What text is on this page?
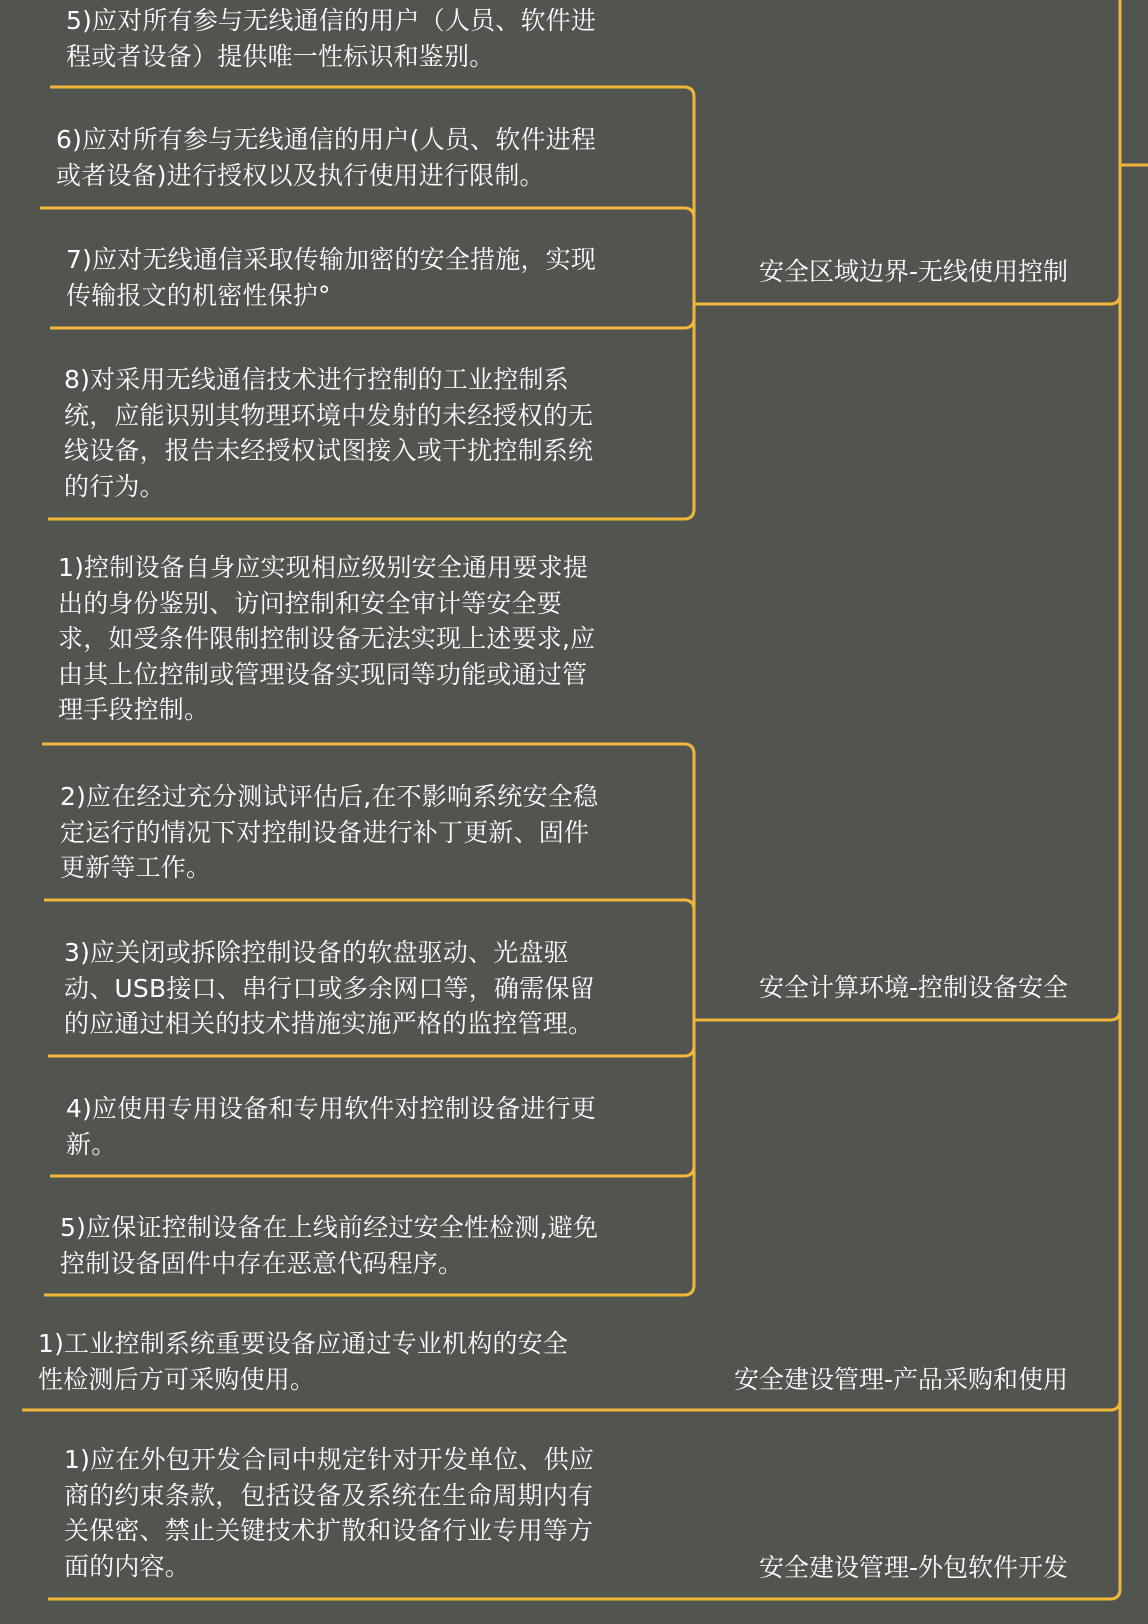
5)应对所有参与无线通信的用户（人员、软件进
程或者设备）提供唯一性标识和鉴别。

6)应对所有参与无线通信的用户(人员、软件进程
或者设备)进行授权以及执行使用进行限制。

7)应对无线通信采取传输加密的安全措施，实现
传输报文的机密性保护°

8)对采用无线通信技术进行控制的工业控制系
统，应能识别其物理环境中发射的未经授权的无
线设备，报告未经授权试图接入或干扰控制系统
的行为。

安全区域边界-无线使用控制

1)控制设备自身应实现相应级别安全通用要求提
出的身份鉴别、访问控制和安全审计等安全要
求，如受条件限制控制设备无法实现上述要求,应
由其上位控制或管理设备实现同等功能或通过管
理手段控制。

2)应在经过充分测试评估后,在不影响系统安全稳
定运行的情况下对控制设备进行补丁更新、固件
更新等工作。

3)应关闭或拆除控制设备的软盘驱动、光盘驱
动、USB接口、串行口或多余网口等，确需保留
的应通过相关的技术措施实施严格的监控管理。

4)应使用专用设备和专用软件对控制设备进行更
新。

5)应保证控制设备在上线前经过安全性检测,避免
控制设备固件中存在恶意代码程序。

安全计算环境-控制设备安全

1)工业控制系统重要设备应通过专业机构的安全
性检测后方可采购使用。	安全建设管理-产品采购和使用

1)应在外包开发合同中规定针对开发单位、供应
商的约束条款，包括设备及系统在生命周期内有
关保密、禁止关键技术扩散和设备行业专用等方
面的内容。	安全建设管理-外包软件开发
